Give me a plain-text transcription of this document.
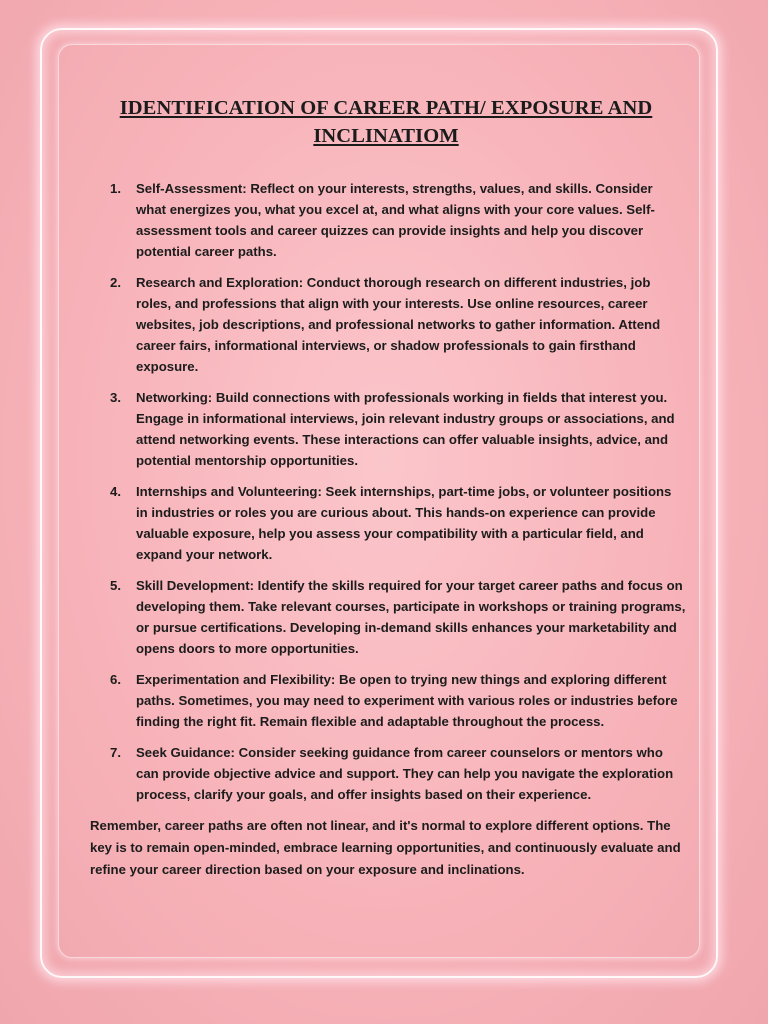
IDENTIFICATION OF CAREER PATH/ EXPOSURE AND INCLINATIOM
1. Self-Assessment: Reflect on your interests, strengths, values, and skills. Consider what energizes you, what you excel at, and what aligns with your core values. Self-assessment tools and career quizzes can provide insights and help you discover potential career paths.
2. Research and Exploration: Conduct thorough research on different industries, job roles, and professions that align with your interests. Use online resources, career websites, job descriptions, and professional networks to gather information. Attend career fairs, informational interviews, or shadow professionals to gain firsthand exposure.
3. Networking: Build connections with professionals working in fields that interest you. Engage in informational interviews, join relevant industry groups or associations, and attend networking events. These interactions can offer valuable insights, advice, and potential mentorship opportunities.
4. Internships and Volunteering: Seek internships, part-time jobs, or volunteer positions in industries or roles you are curious about. This hands-on experience can provide valuable exposure, help you assess your compatibility with a particular field, and expand your network.
5. Skill Development: Identify the skills required for your target career paths and focus on developing them. Take relevant courses, participate in workshops or training programs, or pursue certifications. Developing in-demand skills enhances your marketability and opens doors to more opportunities.
6. Experimentation and Flexibility: Be open to trying new things and exploring different paths. Sometimes, you may need to experiment with various roles or industries before finding the right fit. Remain flexible and adaptable throughout the process.
7. Seek Guidance: Consider seeking guidance from career counselors or mentors who can provide objective advice and support. They can help you navigate the exploration process, clarify your goals, and offer insights based on their experience.

Remember, career paths are often not linear, and it's normal to explore different options. The key is to remain open-minded, embrace learning opportunities, and continuously evaluate and refine your career direction based on your exposure and inclinations.
